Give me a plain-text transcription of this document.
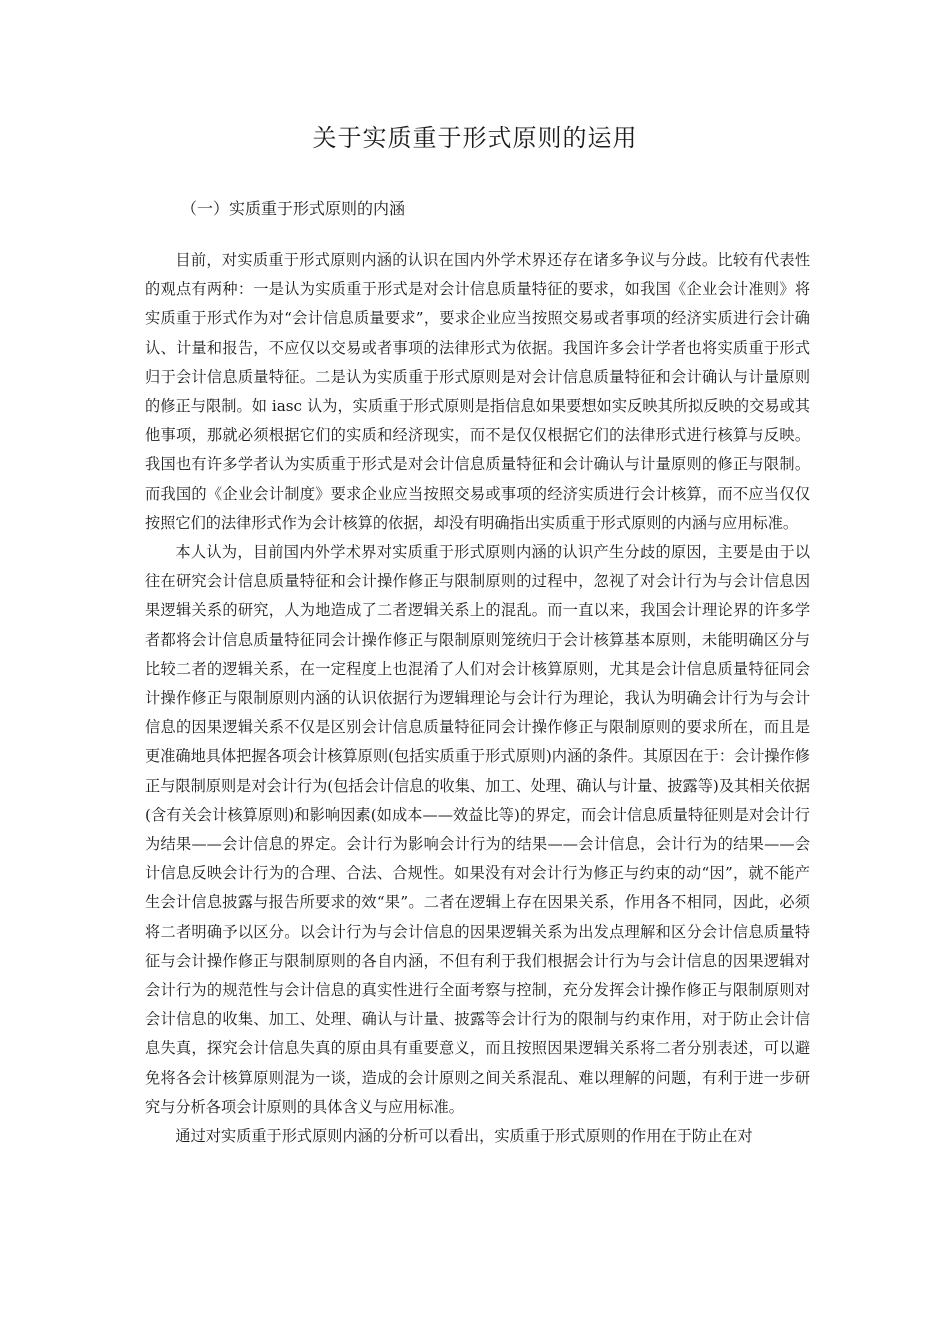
关于实质重于形式原则的运用
（一）实质重于形式原则的内涵

目前，对实质重于形式原则内涵的认识在国内外学术界还存在诸多争议与分歧。比较有代表性的观点有两种：一是认为实质重于形式是对会计信息质量特征的要求，如我国《企业会计准则》将实质重于形式作为对“会计信息质量要求”，要求企业应当按照交易或者事项的经济实质进行会计确认、计量和报告，不应仅以交易或者事项的法律形式为依据。我国许多会计学者也将实质重于形式归于会计信息质量特征。二是认为实质重于形式原则是对会计信息质量特征和会计确认与计量原则的修正与限制。如 iasc 认为，实质重于形式原则是指信息如果要想如实反映其所拟反映的交易或其他事项，那就必须根据它们的实质和经济现实，而不是仅仅根据它们的法律形式进行核算与反映。我国也有许多学者认为实质重于形式是对会计信息质量特征和会计确认与计量原则的修正与限制。而我国的《企业会计制度》要求企业应当按照交易或事项的经济实质进行会计核算，而不应当仅仅按照它们的法律形式作为会计核算的依据，却没有明确指出实质重于形式原则的内涵与应用标准。

本人认为，目前国内外学术界对实质重于形式原则内涵的认识产生分歧的原因，主要是由于以往在研究会计信息质量特征和会计操作修正与限制原则的过程中，忽视了对会计行为与会计信息因果逻辑关系的研究，人为地造成了二者逻辑关系上的混乱。而一直以来，我国会计理论界的许多学者都将会计信息质量特征同会计操作修正与限制原则笼统归于会计核算基本原则，未能明确区分与比较二者的逻辑关系，在一定程度上也混淆了人们对会计核算原则，尤其是会计信息质量特征同会计操作修正与限制原则内涵的认识依据行为逻辑理论与会计行为理论，我认为明确会计行为与会计信息的因果逻辑关系不仅是区别会计信息质量特征同会计操作修正与限制原则的要求所在，而且是更准确地具体把握各项会计核算原则(包括实质重于形式原则)内涵的条件。其原因在于：会计操作修正与限制原则是对会计行为(包括会计信息的收集、加工、处理、确认与计量、披露等)及其相关依据(含有关会计核算原则)和影响因素(如成本——效益比等)的界定，而会计信息质量特征则是对会计行为结果——会计信息的界定。会计行为影响会计行为的结果——会计信息，会计行为的结果——会计信息反映会计行为的合理、合法、合规性。如果没有对会计行为修正与约束的动“因”，就不能产生会计信息披露与报告所要求的效“果”。二者在逻辑上存在因果关系，作用各不相同，因此，必须将二者明确予以区分。以会计行为与会计信息的因果逻辑关系为出发点理解和区分会计信息质量特征与会计操作修正与限制原则的各自内涵，不但有利于我们根据会计行为与会计信息的因果逻辑对会计行为的规范性与会计信息的真实性进行全面考察与控制，充分发挥会计操作修正与限制原则对会计信息的收集、加工、处理、确认与计量、披露等会计行为的限制与约束作用，对于防止会计信息失真，探究会计信息失真的原由具有重要意义，而且按照因果逻辑关系将二者分别表述，可以避免将各会计核算原则混为一谈，造成的会计原则之间关系混乱、难以理解的问题，有利于进一步研究与分析各项会计原则的具体含义与应用标准。

通过对实质重于形式原则内涵的分析可以看出，实质重于形式原则的作用在于防止在对
